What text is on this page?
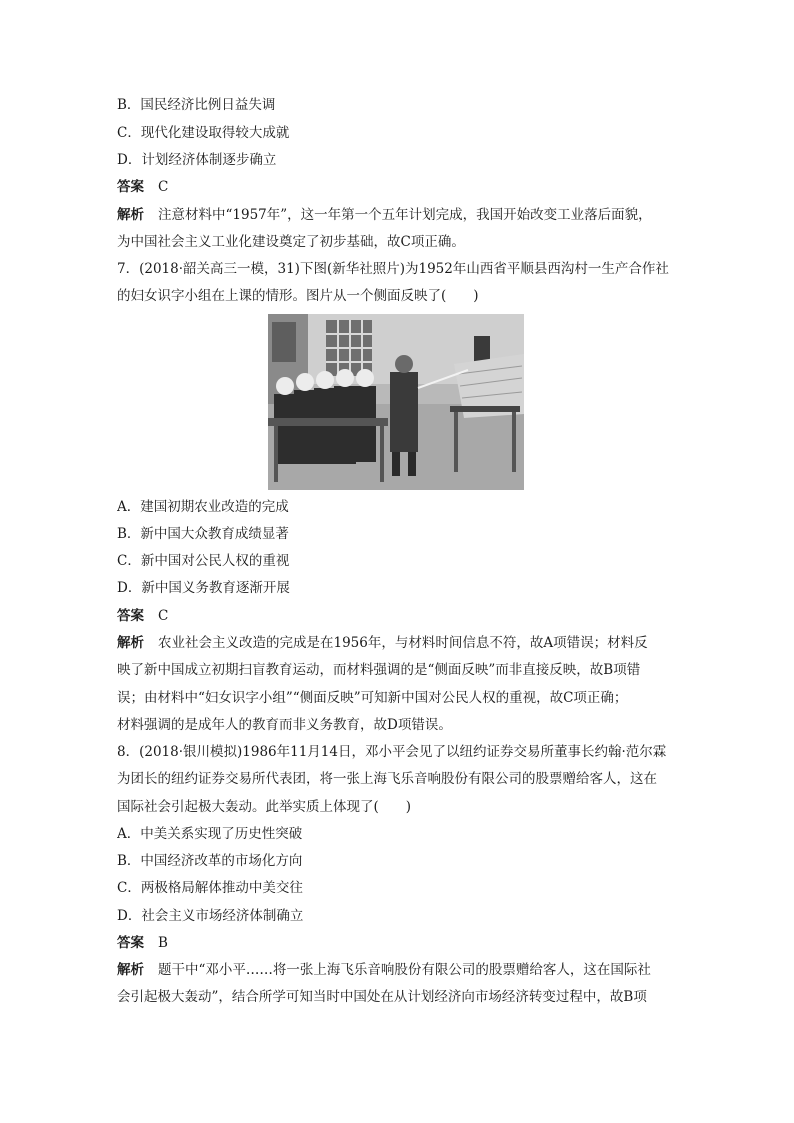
B．国民经济比例日益失调
C．现代化建设取得较大成就
D．计划经济体制逐步确立
答案 C
解析 注意材料中“1957年”，这一年第一个五年计划完成，我国开始改变工业落后面貌，
为中国社会主义工业化建设奠定了初步基础，故C项正确。
7．(2018·韶关高三一模，31)下图(新华社照片)为1952年山西省平顺县西沟村一生产合作社
的妇女识字小组在上课的情形。图片从一个侧面反映了(　　)
A．建国初期农业改造的完成
B．新中国大众教育成绩显著
C．新中国对公民人权的重视
D．新中国义务教育逐渐开展
答案 C
解析 农业社会主义改造的完成是在1956年，与材料时间信息不符，故A项错误；材料反
映了新中国成立初期扫盲教育运动，而材料强调的是“侧面反映”而非直接反映，故B项错
误；由材料中“妇女识字小组”“侧面反映”可知新中国对公民人权的重视，故C项正确；
材料强调的是成年人的教育而非义务教育，故D项错误。
8．(2018·银川模拟)1986年11月14日，邓小平会见了以纽约证券交易所董事长约翰·范尔霖
为团长的纽约证券交易所代表团，将一张上海飞乐音响股份有限公司的股票赠给客人，这在
国际社会引起极大轰动。此举实质上体现了(　　)
A．中美关系实现了历史性突破
B．中国经济改革的市场化方向
C．两极格局解体推动中美交往
D．社会主义市场经济体制确立
答案 B
解析 题干中“邓小平……将一张上海飞乐音响股份有限公司的股票赠给客人，这在国际社
会引起极大轰动”，结合所学可知当时中国处在从计划经济向市场经济转变过程中，故B项
